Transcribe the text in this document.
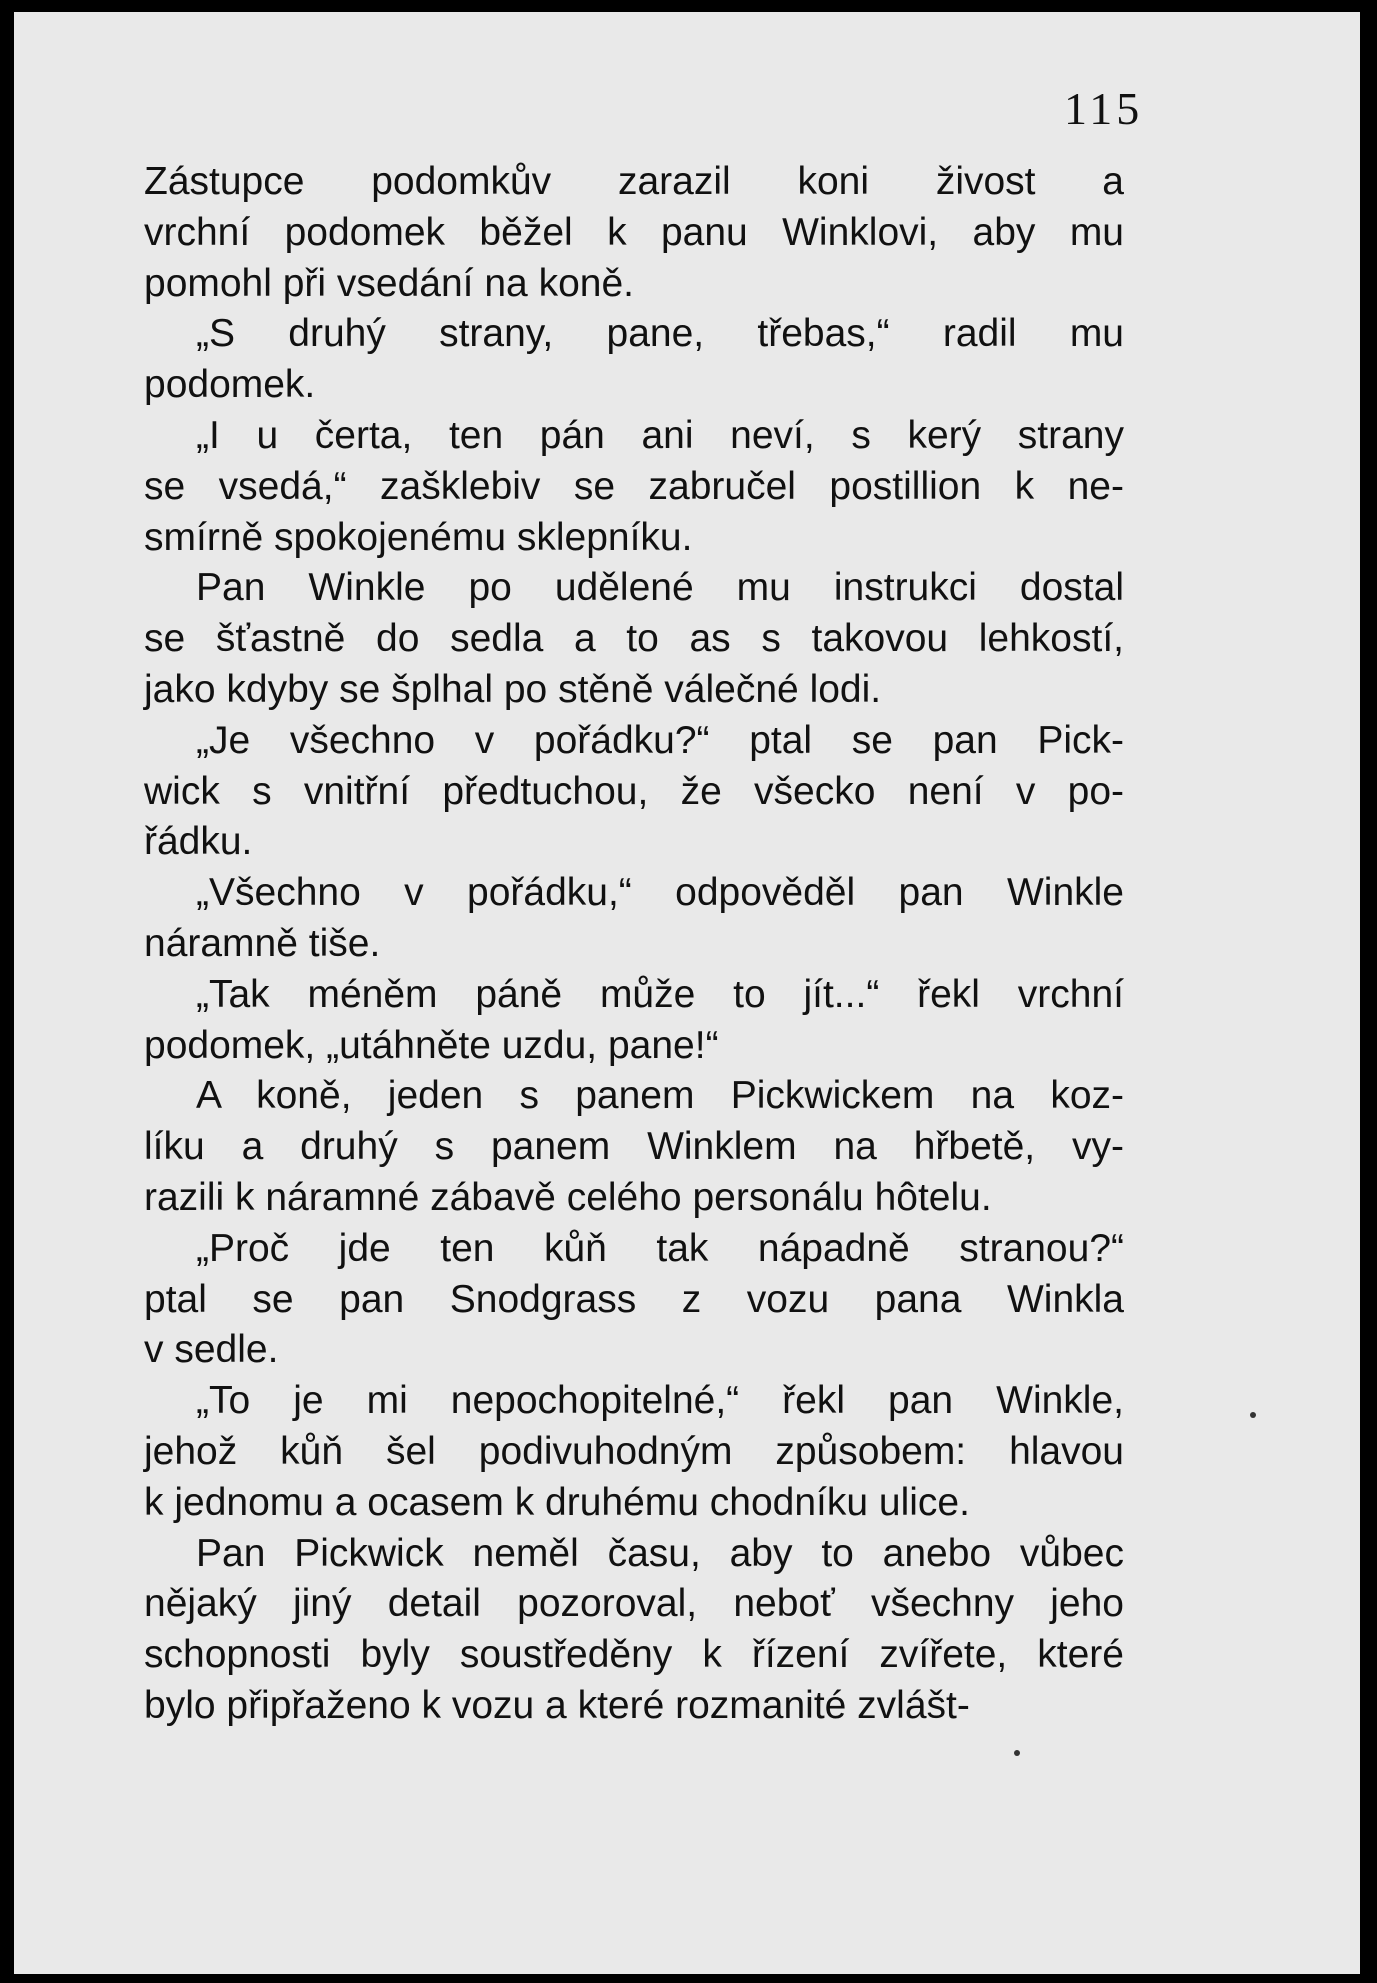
115
Zástupce podomkův zarazil koni živost a
vrchní podomek běžel k panu Winklovi, aby mu
pomohl při vsedání na koně.
„S druhý strany, pane, třebas,“ radil mu
podomek.
„I u čerta, ten pán ani neví, s kerý strany
se vsedá,“ zašklebiv se zabručel postillion k ne-
smírně spokojenému sklepníku.
Pan Winkle po udělené mu instrukci dostal
se šťastně do sedla a to as s takovou lehkostí,
jako kdyby se šplhal po stěně válečné lodi.
„Je všechno v pořádku?“ ptal se pan Pick-
wick s vnitřní předtuchou, že všecko není v po-
řádku.
„Všechno v pořádku,“ odpověděl pan Winkle
náramně tiše.
„Tak méněm páně může to jít...“ řekl vrchní
podomek, „utáhněte uzdu, pane!“
A koně, jeden s panem Pickwickem na koz-
líku a druhý s panem Winklem na hřbetě, vy-
razili k náramné zábavě celého personálu hôtelu.
„Proč jde ten kůň tak nápadně stranou?“
ptal se pan Snodgrass z vozu pana Winkla
v sedle.
„To je mi nepochopitelné,“ řekl pan Winkle,
jehož kůň šel podivuhodným způsobem: hlavou
k jednomu a ocasem k druhému chodníku ulice.
Pan Pickwick neměl času, aby to anebo vůbec
nějaký jiný detail pozoroval, neboť všechny jeho
schopnosti byly soustředěny k řízení zvířete, které
bylo připřaženo k vozu a které rozmanité zvlášt-
